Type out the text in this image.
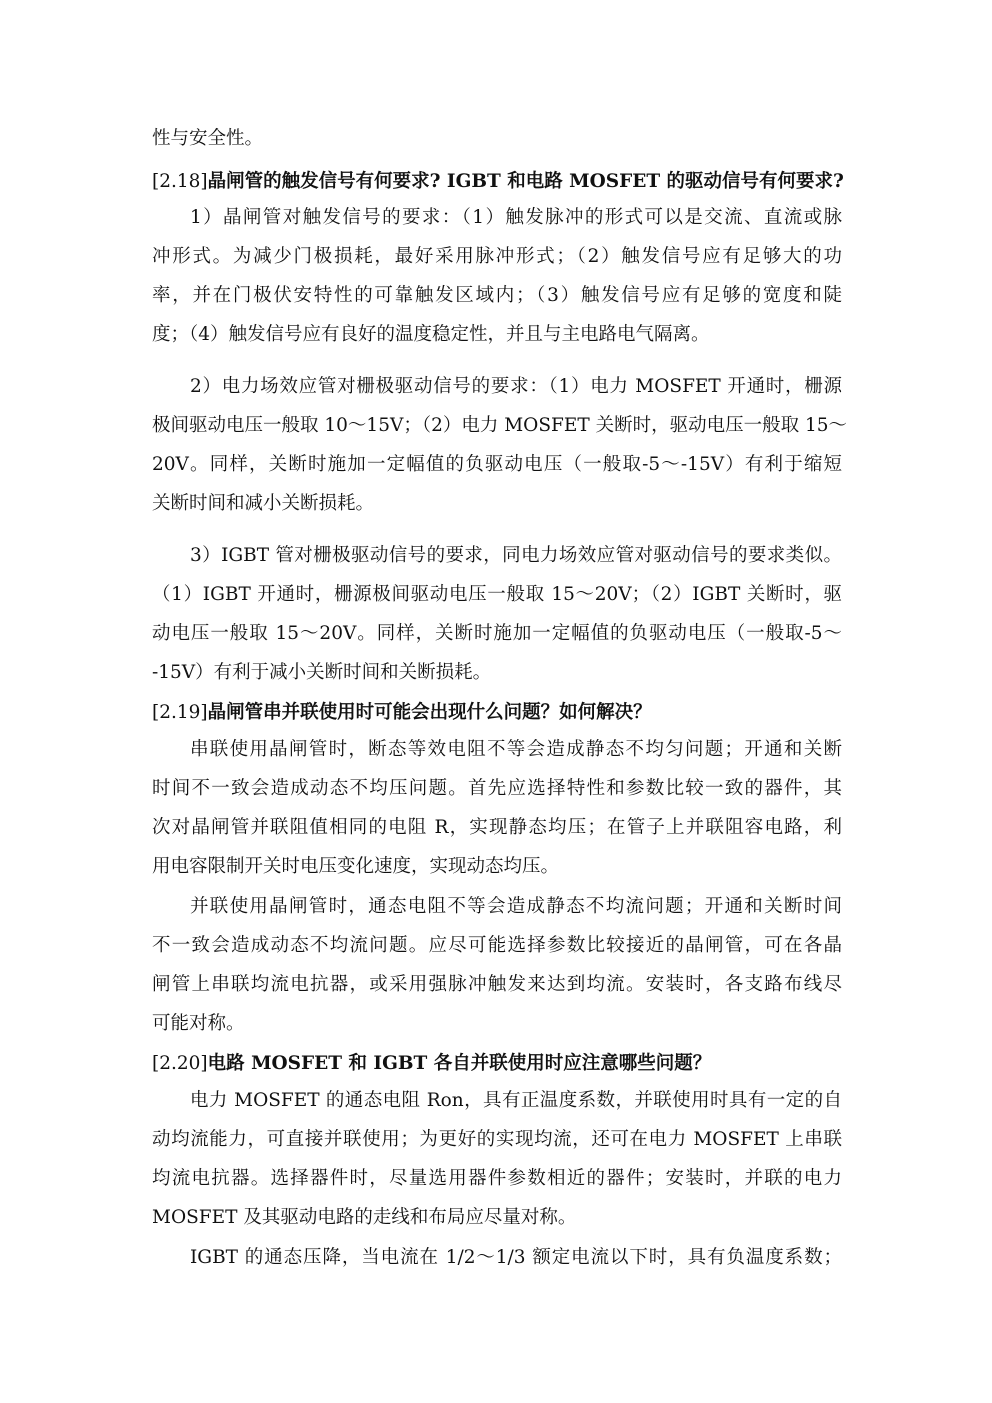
性与安全性。
[2.18]晶闸管的触发信号有何要求? IGBT 和电路 MOSFET 的驱动信号有何要求?
1）晶闸管对触发信号的要求：（1）触发脉冲的形式可以是交流、直流或脉
冲形式。为减少门极损耗，最好采用脉冲形式；（2）触发信号应有足够大的功
率，并在门极伏安特性的可靠触发区域内；（3）触发信号应有足够的宽度和陡
度；（4）触发信号应有良好的温度稳定性，并且与主电路电气隔离。
2）电力场效应管对栅极驱动信号的要求：（1）电力 MOSFET 开通时，栅源
极间驱动电压一般取 10～15V；（2）电力 MOSFET 关断时，驱动电压一般取 15～
20V。同样，关断时施加一定幅值的负驱动电压（一般取-5～-15V）有利于缩短
关断时间和减小关断损耗。
3）IGBT 管对栅极驱动信号的要求，同电力场效应管对驱动信号的要求类似。
（1）IGBT 开通时，栅源极间驱动电压一般取 15～20V；（2）IGBT 关断时，驱
动电压一般取 15～20V。同样，关断时施加一定幅值的负驱动电压（一般取-5～
-15V）有利于减小关断时间和关断损耗。
[2.19]晶闸管串并联使用时可能会出现什么问题？如何解决？
串联使用晶闸管时，断态等效电阻不等会造成静态不均匀问题；开通和关断
时间不一致会造成动态不均压问题。首先应选择特性和参数比较一致的器件，其
次对晶闸管并联阻值相同的电阻 R，实现静态均压；在管子上并联阻容电路，利
用电容限制开关时电压变化速度，实现动态均压。
并联使用晶闸管时，通态电阻不等会造成静态不均流问题；开通和关断时间
不一致会造成动态不均流问题。应尽可能选择参数比较接近的晶闸管，可在各晶
闸管上串联均流电抗器，或采用强脉冲触发来达到均流。安装时，各支路布线尽
可能对称。
[2.20]电路 MOSFET 和 IGBT 各自并联使用时应注意哪些问题？
电力 MOSFET 的通态电阻 Ron，具有正温度系数，并联使用时具有一定的自
动均流能力，可直接并联使用；为更好的实现均流，还可在电力 MOSFET 上串联
均流电抗器。选择器件时，尽量选用器件参数相近的器件；安装时，并联的电力
MOSFET 及其驱动电路的走线和布局应尽量对称。
IGBT 的通态压降，当电流在 1/2～1/3 额定电流以下时，具有负温度系数；
